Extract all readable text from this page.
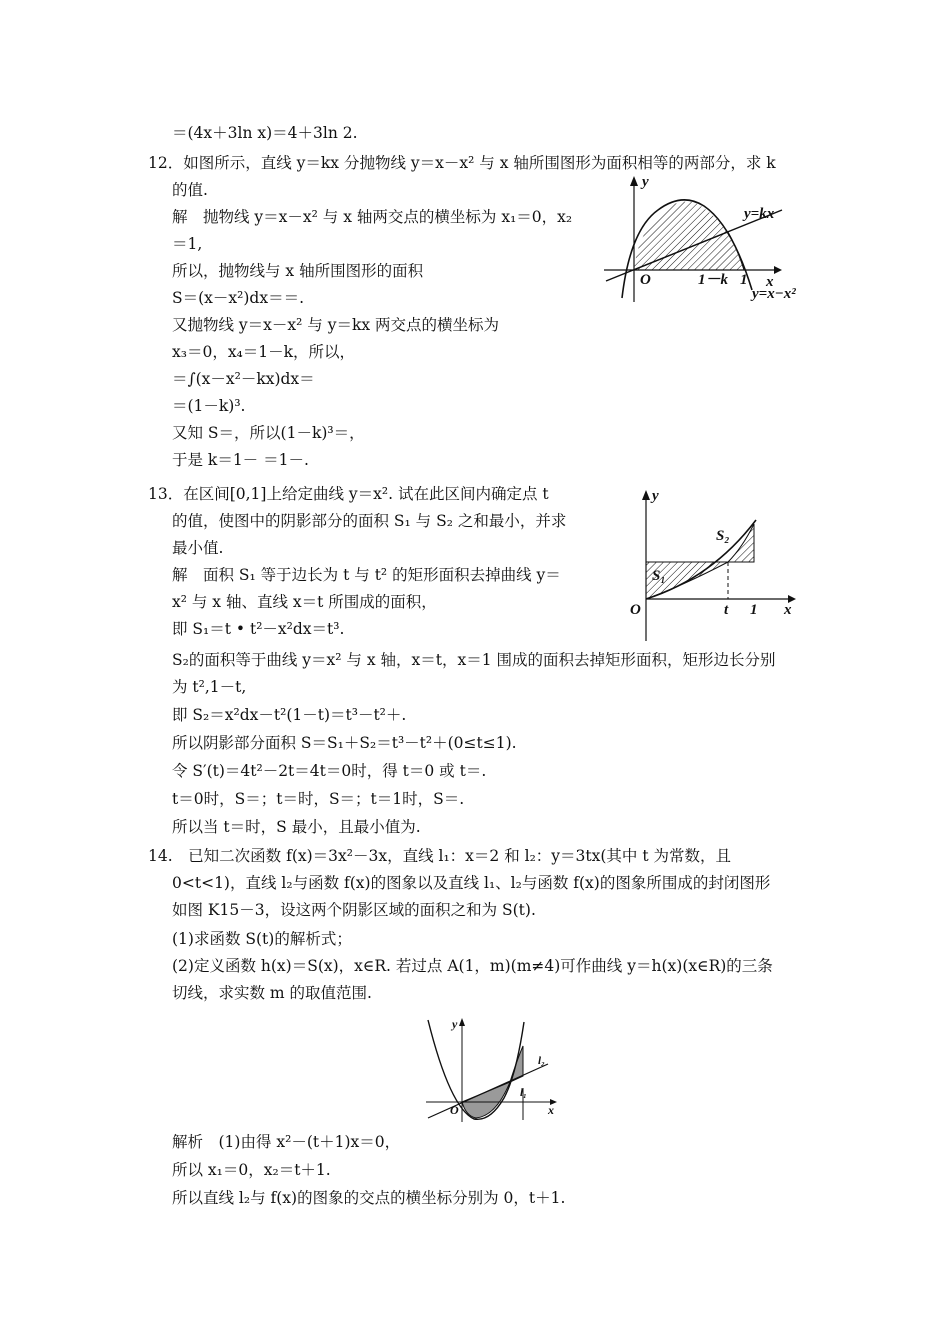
＝(4x＋3ln x)＝4＋3ln 2.
12．如图所示，直线 y＝kx 分抛物线 y＝x－x² 与 x 轴所围图形为面积相等的两部分，求 k
的值.
解　抛物线 y＝x－x² 与 x 轴两交点的横坐标为 x₁＝0，x₂
＝1,
所以，抛物线与 x 轴所围图形的面积
S＝(x－x²)dx＝＝.
又抛物线 y＝x－x² 与 y＝kx 两交点的横坐标为
x₃＝0，x₄＝1－k，所以，
＝∫(x－x²－kx)dx＝
＝(1－k)³.
又知 S＝，所以(1－k)³＝，
于是 k＝1－ ＝1－.
13．在区间[0,1]上给定曲线 y＝x². 试在此区间内确定点 t
的值，使图中的阴影部分的面积 S₁ 与 S₂ 之和最小，并求
最小值.
解　面积 S₁ 等于边长为 t 与 t² 的矩形面积去掉曲线 y＝
x² 与 x 轴、直线 x＝t 所围成的面积，
即 S₁＝t • t²－x²dx＝t³.
S₂的面积等于曲线 y＝x² 与 x 轴，x＝t，x＝1 围成的面积去掉矩形面积，矩形边长分别
为 t²,1－t,
即 S₂＝x²dx－t²(1－t)＝t³－t²＋.
所以阴影部分面积 S＝S₁＋S₂＝t³－t²＋(0≤t≤1).
令 S′(t)＝4t²－2t＝4t＝0时，得 t＝0 或 t＝.
t＝0时，S＝；t＝时，S＝；t＝1时，S＝.
所以当 t＝时，S 最小，且最小值为.
14.　已知二次函数 f(x)＝3x²－3x，直线 l₁：x＝2 和 l₂：y＝3tx(其中 t 为常数，且
0<t<1)，直线 l₂与函数 f(x)的图象以及直线 l₁、l₂与函数 f(x)的图象所围成的封闭图形
如图 K15－3，设这两个阴影区域的面积之和为 S(t).
(1)求函数 S(t)的解析式；
(2)定义函数 h(x)＝S(x)，x∈R. 若过点 A(1，m)(m≠4)可作曲线 y＝h(x)(x∈R)的三条
切线，求实数 m 的取值范围.
解析　(1)由得 x²－(t＋1)x＝0，
所以 x₁＝0，x₂＝t＋1.
所以直线 l₂与 f(x)的图象的交点的横坐标分别为 0，t＋1.
y
O	x
1－k 1
y=kx
y=x−x²
y
O	t 1 x
S₁
S₂
y
O	x
l₁
l₂
